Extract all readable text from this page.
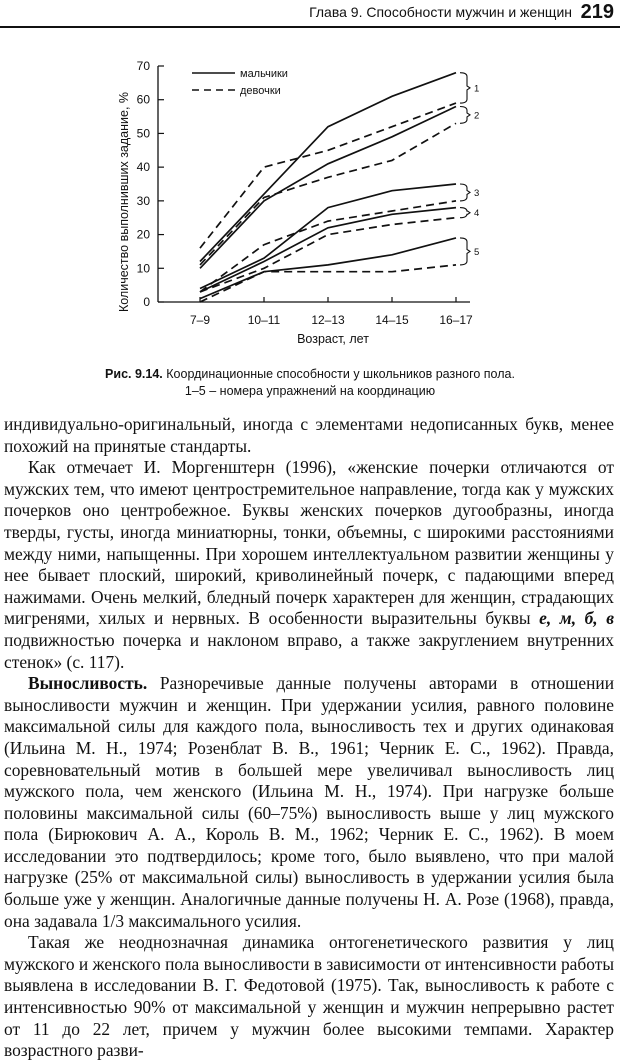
Глава 9. Способности мужчин и женщин 219
0
10
20
30
40
50
60
70
7–9	10–11	12–13	14–15	16–17
1
2
3
4
5
Количество выполнивших задание, %
Возраст, лет
мальчики
девочки
Рис. 9.14. Координационные способности у школьников разного пола.
1–5 – номера упражнений на координацию

индивидуально-оригинальный, иногда с элементами недописанных букв, менее похожий на принятые стандарты.

Как отмечает И. Моргенштерн (1996), «женские почерки отличаются от мужских тем, что имеют центростремительное направление, тогда как у мужских почерков оно центробежное. Буквы женских почерков дугообразны, иногда тверды, густы, иногда миниатюрны, тонки, объемны, с широкими расстояниями между ними, напыщенны. При хорошем интеллектуальном развитии женщины у нее бывает плоский, широкий, криволинейный почерк, с падающими вперед нажимами. Очень мелкий, бледный почерк характерен для женщин, страдающих мигренями, хилых и нервных. В особенности выразительны буквы е, м, б, в подвижностью почерка и наклоном вправо, а также закруглением внутренних стенок» (с. 117).

Выносливость. Разноречивые данные получены авторами в отношении выносливости мужчин и женщин. При удержании усилия, равного половине максимальной силы для каждого пола, выносливость тех и других одинаковая (Ильина М. Н., 1974; Розенблат В. В., 1961; Черник Е. С., 1962). Правда, соревновательный мотив в большей мере увеличивал выносливость лиц мужского пола, чем женского (Ильина М. Н., 1974). При нагрузке больше половины максимальной силы (60–75%) выносливость выше у лиц мужского пола (Бирюкович А. А., Король В. М., 1962; Черник Е. С., 1962). В моем исследовании это подтвердилось; кроме того, было выявлено, что при малой нагрузке (25% от максимальной силы) выносливость в удержании усилия была больше уже у женщин. Аналогичные данные получены Н. А. Розе (1968), правда, она задавала 1/3 максимального усилия.

Такая же неоднозначная динамика онтогенетического развития у лиц мужского и женского пола выносливости в зависимости от интенсивности работы выявлена в исследовании В. Г. Федотовой (1975). Так, выносливость к работе с интенсивностью 90% от максимальной у женщин и мужчин непрерывно растет от 11 до 22 лет, причем у мужчин более высокими темпами. Характер возрастного разви-
